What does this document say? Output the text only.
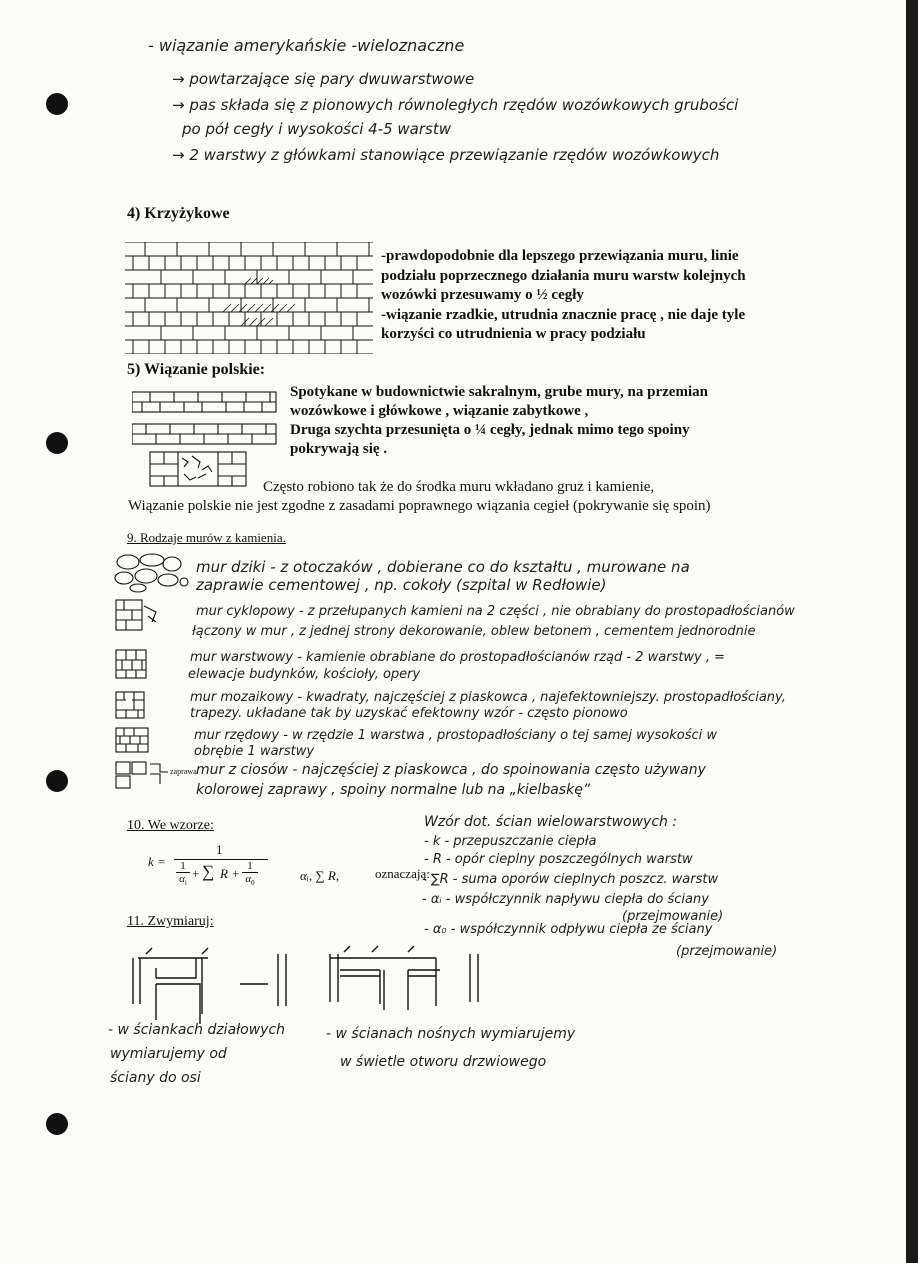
- wiązanie amerykańskie -wieloznaczne
→ powtarzające się pary dwuwarstwowe
→ pas składa się z pionowych równoległych rzędów wozówkowych grubości
po pół cegły i wysokości 4-5 warstw
→ 2 warstwy z główkami stanowiące przewiązanie rzędów wozówkowych
4) Krzyżykowe
-prawdopodobnie dla lepszego przewiązania muru, linie
podziału poprzecznego działania muru warstw kolejnych
wozówki przesuwamy o ½ cegły
-wiązanie rzadkie, utrudnia znacznie pracę , nie daje tyle
korzyści co utrudnienia w pracy podziału
5) Wiązanie polskie:
Spotykane w budownictwie sakralnym, grube mury, na przemian
wozówkowe i główkowe , wiązanie zabytkowe ,
Druga szychta przesunięta o ¼ cegły, jednak mimo tego spoiny
pokrywają się .
Często robiono tak że do środka muru wkładano gruz i kamienie,
Wiązanie polskie nie jest zgodne z zasadami poprawnego wiązania cegieł (pokrywanie się spoin)
9. Rodzaje murów z kamienia.
zaprawa
mur dziki - z otoczaków , dobierane co do kształtu , murowane na
zaprawie cementowej , np. cokoły (szpital w Redłowie)
mur cyklopowy - z przełupanych kamieni na 2 części , nie obrabiany do prostopadłościanów
łączony w mur , z jednej strony dekorowanie, oblew betonem , cementem jednorodnie
mur warstwowy - kamienie obrabiane do prostopadłościanów rząd - 2 warstwy , =
elewacje budynków, kościoły, opery
mur mozaikowy - kwadraty, najczęściej z piaskowca , najefektowniejszy. prostopadłościany,
trapezy. układane tak by uzyskać efektowny wzór - często pionowo
mur rzędowy - w rzędzie 1 warstwa , prostopadłościany o tej samej wysokości w
obrębie 1 warstwy
mur z ciosów - najczęściej z piaskowca , do spoinowania często używany
kolorowej zaprawy , spoiny normalne lub na „kielbaskę”
10. We wzorze:
k =
1
1
$\alpha_i$
+ ∑ R + 1
$\alpha_0$
αᵢ, ∑ R,	oznaczają:
Wzór dot. ścian wielowarstwowych :
- k - przepuszczanie ciepła
- R - opór cieplny poszczególnych warstw
- ∑R - suma oporów cieplnych poszcz. warstw
- αᵢ - współczynnik napływu ciepła do ściany
(przejmowanie)
- α₀ - współczynnik odpływu ciepła ze ściany
(przejmowanie)
11. Zwymiaruj:
- w ściankach działowych
wymiarujemy od
ściany do osi
- w ścianach nośnych wymiarujemy
w świetle otworu drzwiowego
